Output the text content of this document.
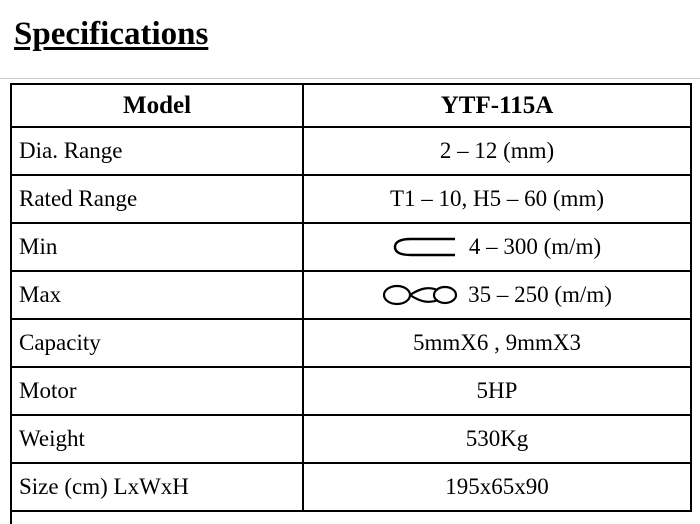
Specifications
Model	YTF-115A
Dia. Range	2 – 12 (mm)
Rated Range	T1 – 10, H5 – 60 (mm)
Min	4 – 300 (m/m)

Max	35 – 250 (m/m)

Capacity	5mmX6 , 9mmX3
Motor	5HP
Weight	530Kg
Size (cm) LxWxH	195x65x90
